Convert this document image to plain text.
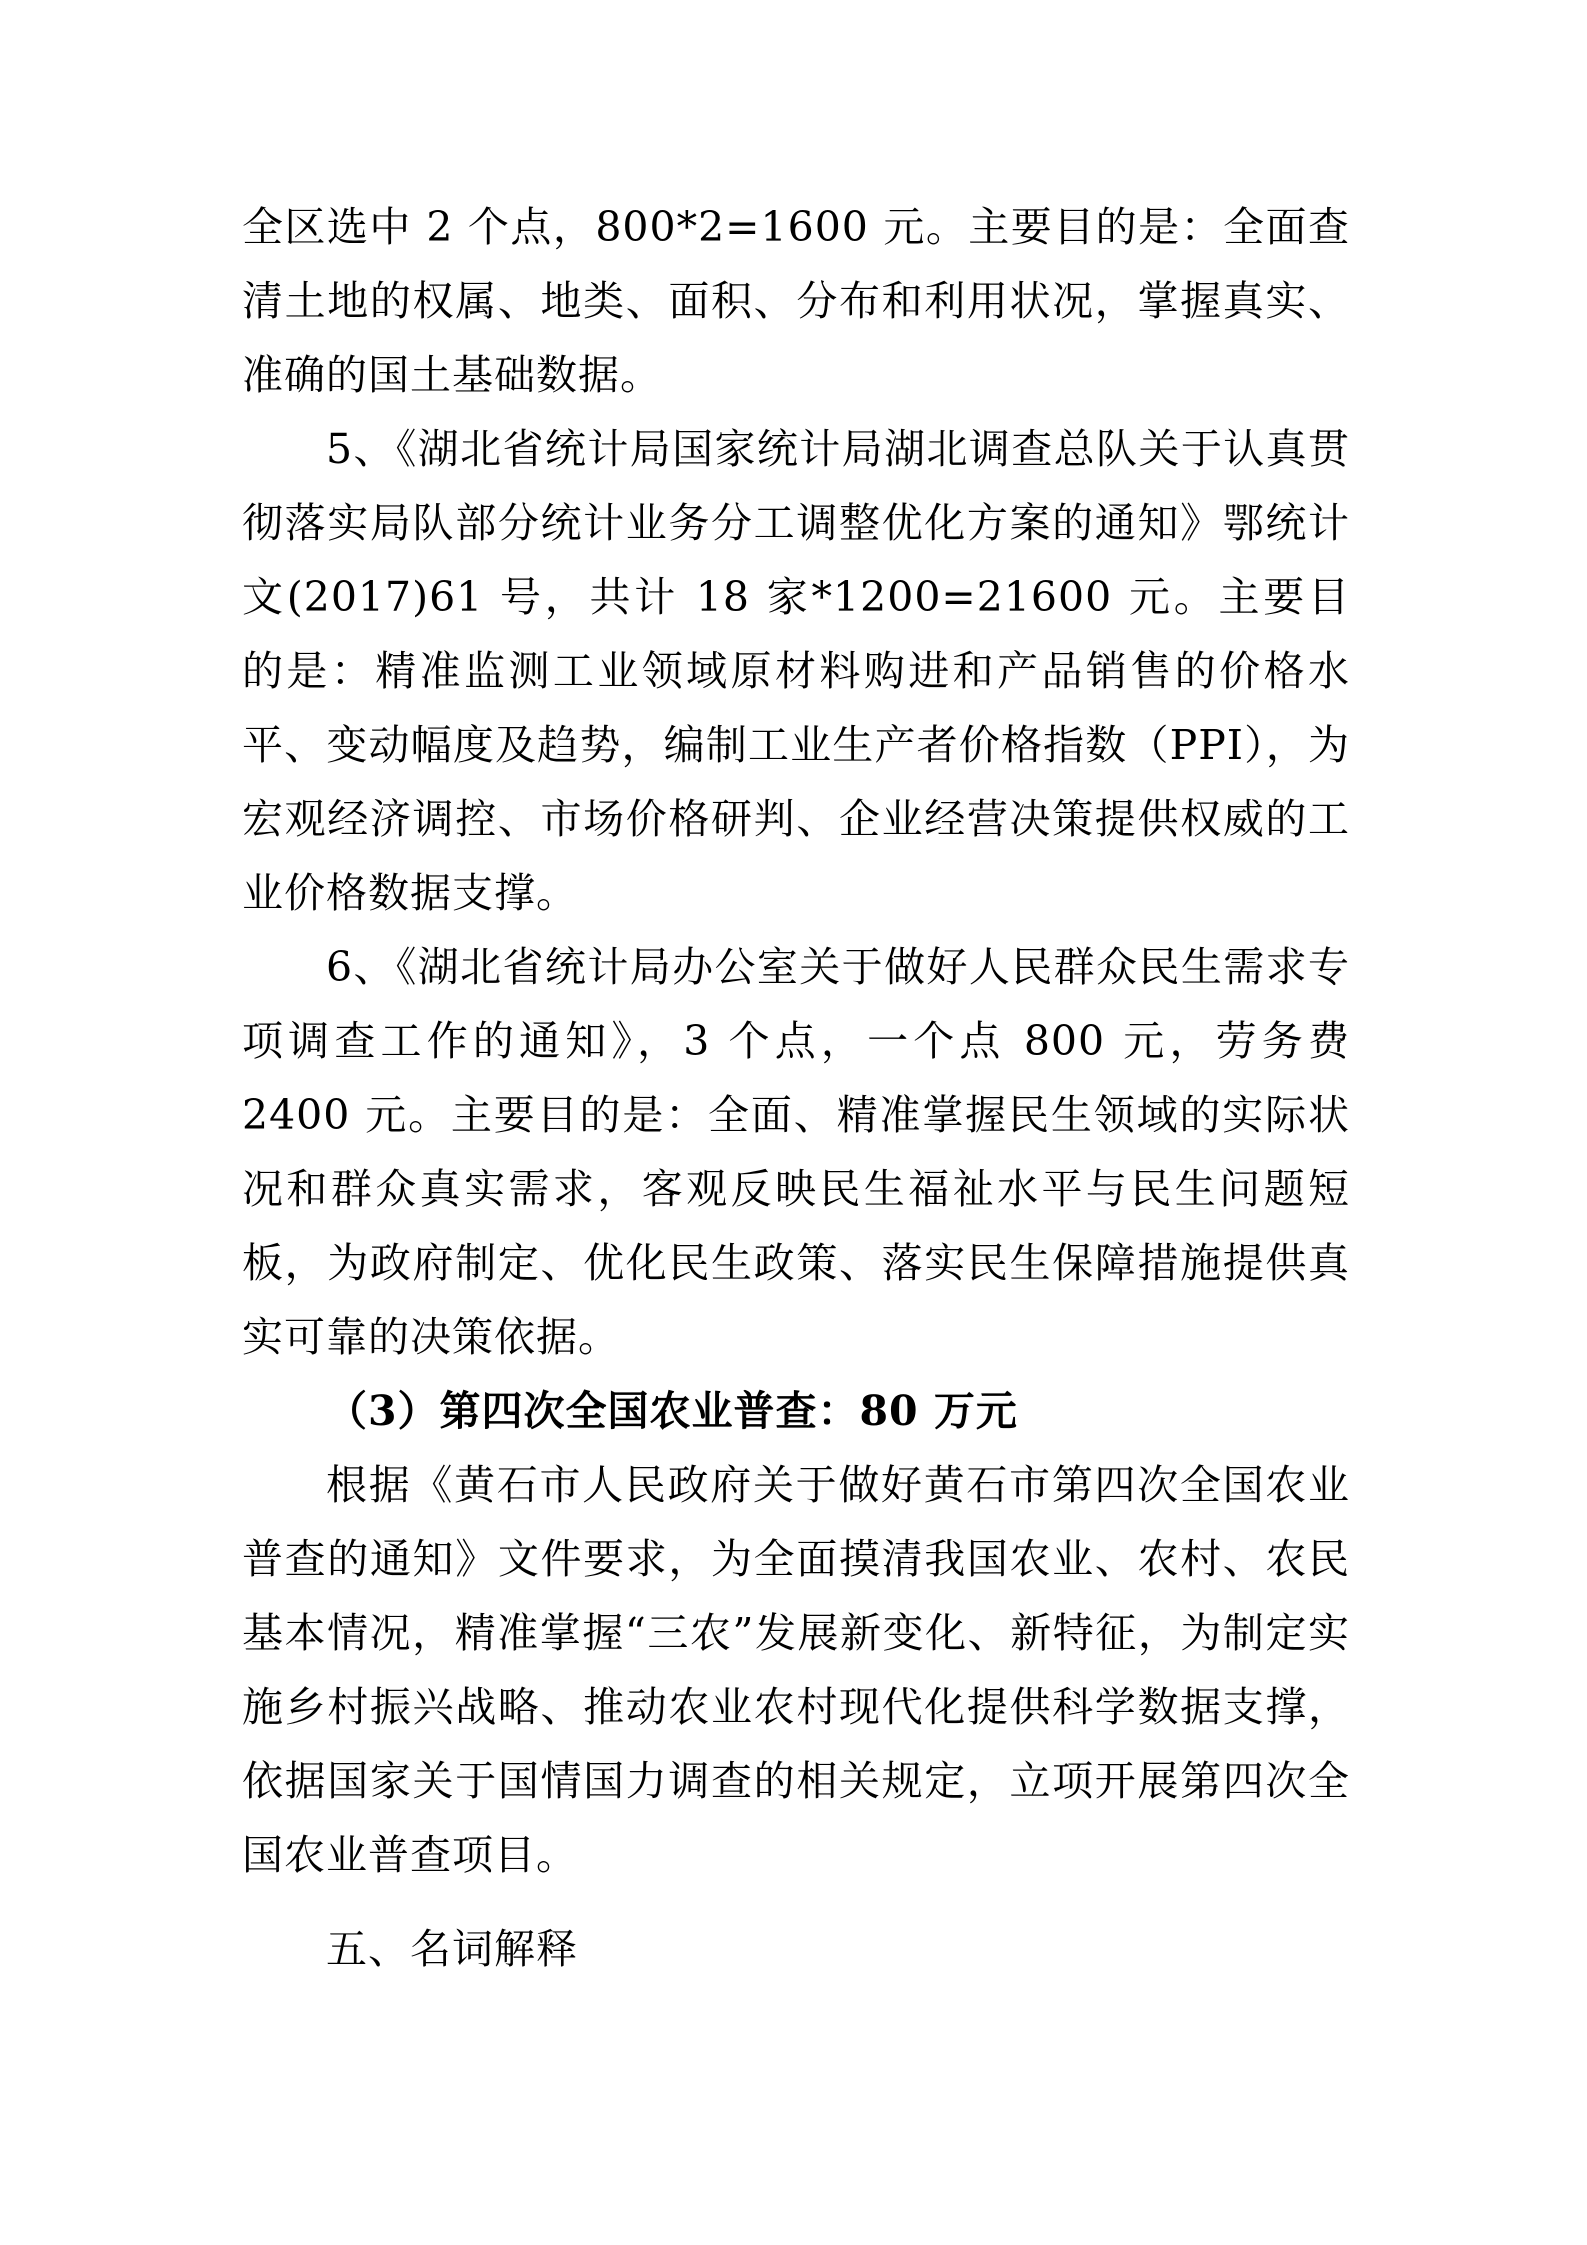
全区选中 2 个点，800*2=1600 元。主要目的是：全面查清土地的权属、地类、面积、分布和利用状况，掌握真实、准确的国土基础数据。

5、《湖北省统计局国家统计局湖北调查总队关于认真贯彻落实局队部分统计业务分工调整优化方案的通知》鄂统计文(2017)61 号，共计 18 家*1200=21600 元。主要目的是：精准监测工业领域原材料购进和产品销售的价格水平、变动幅度及趋势，编制工业生产者价格指数（PPI），为宏观经济调控、市场价格研判、企业经营决策提供权威的工业价格数据支撑。

6、《湖北省统计局办公室关于做好人民群众民生需求专项调查工作的通知》，3 个点，一个点 800 元，劳务费 2400 元。主要目的是：全面、精准掌握民生领域的实际状况和群众真实需求，客观反映民生福祉水平与民生问题短板，为政府制定、优化民生政策、落实民生保障措施提供真实可靠的决策依据。

（3）第四次全国农业普查：80 万元

根据《黄石市人民政府关于做好黄石市第四次全国农业普查的通知》文件要求，为全面摸清我国农业、农村、农民基本情况，精准掌握“三农”发展新变化、新特征，为制定实施乡村振兴战略、推动农业农村现代化提供科学数据支撑，依据国家关于国情国力调查的相关规定，立项开展第四次全国农业普查项目。

五、名词解释
